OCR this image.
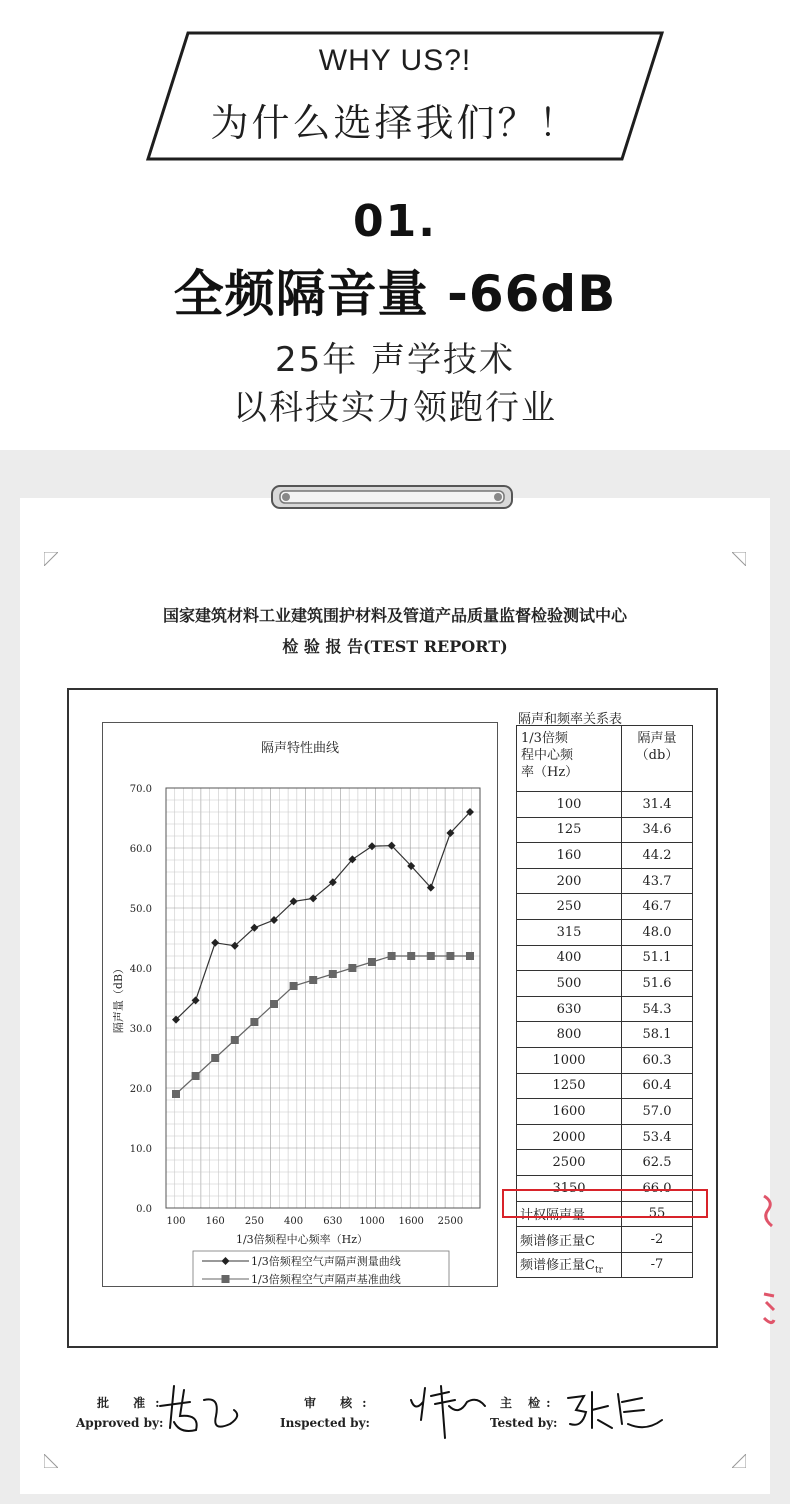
WHY US?!
为什么选择我们？！
01.
全频隔音量 -66dB
25年 声学技术
以科技实力领跑行业
国家建筑材料工业建筑围护材料及管道产品质量监督检验测试中心
检 验 报 告(TEST REPORT)
隔声特性曲线
0.0
10.0
20.0
30.0
40.0
50.0
60.0
70.0
100 160 250 400 630 1000 1600 2500
隔声量（dB）
1/3倍频程中心频率（Hz）
1/3倍频程空气声隔声测量曲线
1/3倍频程空气声隔声基准曲线
隔声和频率关系表
1/3倍频
程中心频
率（Hz）	隔声量
（db）
100	31.4
125	34.6
160	44.2
200	43.7
250	46.7
315	48.0
400	51.1
500	51.6
630	54.3
800	58.1
1000	60.3
1250	60.4
1600	57.0
2000	53.4
2500	62.5
3150	66.0
计权隔声量	55
频谱修正量C	-2
频谱修正量$C_{tr}$	-7
批 准:
Approved by:
审 核:
Inspected by:
主 检:
Tested by:
